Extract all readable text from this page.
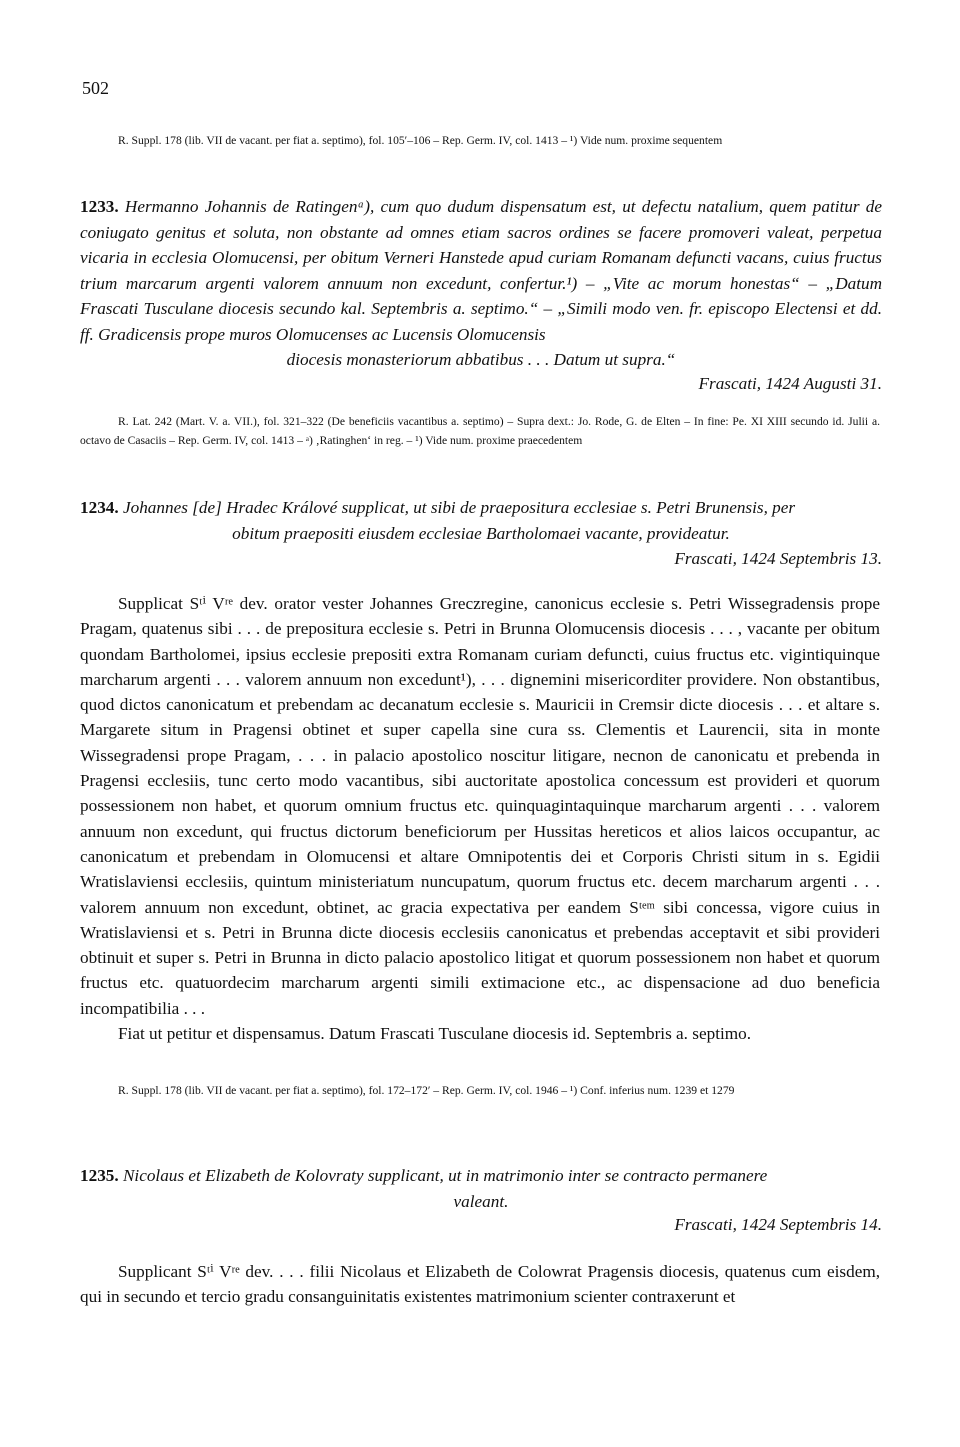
502
R. Suppl. 178 (lib. VII de vacant. per fiat a. septimo), fol. 105′–106 – Rep. Germ. IV, col. 1413 – ¹) Vide num. proxime sequentem
1233. Hermanno Johannis de Ratingenᵃ), cum quo dudum dispensatum est, ut defectu natalium, quem patitur de coniugato genitus et soluta, non obstante ad omnes etiam sacros ordines se facere promoveri valeat, perpetua vicaria in ecclesia Olomucensi, per obitum Verneri Hanstede apud curiam Romanam defuncti vacans, cuius fructus trium marcarum argenti valorem annuum non excedunt, confertur.¹) – „Vite ac morum honestas“ – „Datum Frascati Tusculane diocesis secundo kal. Septembris a. septimo.“ – „Simili modo ven. fr. episcopo Electensi et dd. ff. Gradicensis prope muros Olomucenses ac Lucensis Olomucensis
diocesis monasteriorum abbatibus . . . Datum ut supra.“
Frascati, 1424 Augusti 31.
R. Lat. 242 (Mart. V. a. VII.), fol. 321–322 (De beneficiis vacantibus a. septimo) – Supra dext.: Jo. Rode, G. de Elten – In fine: Pe. XI XIII secundo id. Julii a. octavo de Casaciis – Rep. Germ. IV, col. 1413 – ᵃ) ‚Ratinghen‘ in reg. – ¹) Vide num. proxime praecedentem
1234. Johannes [de] Hradec Králové supplicat, ut sibi de praepositura ecclesiae s. Petri Brunensis, per
obitum praepositi eiusdem ecclesiae Bartholomaei vacante, provideatur.
Frascati, 1424 Septembris 13.

Supplicat Sᵗⁱ Vʳᵉ dev. orator vester Johannes Greczregine, canonicus ecclesie s. Petri Wissegradensis prope Pragam, quatenus sibi . . . de prepositura ecclesie s. Petri in Brunna Olomucensis diocesis . . . , vacante per obitum quondam Bartholomei, ipsius ecclesie prepositi extra Romanam curiam defuncti, cuius fructus etc. vigintiquinque marcharum argenti . . . valorem annuum non excedunt¹), . . . dignemini misericorditer providere. Non obstantibus, quod dictos canonicatum et prebendam ac decanatum ecclesie s. Mauricii in Cremsir dicte diocesis . . . et altare s. Margarete situm in Pragensi obtinet et super capella sine cura ss. Clementis et Laurencii, sita in monte Wissegradensi prope Pragam, . . . in palacio apostolico noscitur litigare, necnon de canonicatu et prebenda in Pragensi ecclesiis, tunc certo modo vacantibus, sibi auctoritate apostolica concessum est provideri et quorum possessionem non habet, et quorum omnium fructus etc. quinquagintaquinque marcharum argenti . . . valorem annuum non excedunt, qui fructus dictorum beneficiorum per Hussitas hereticos et alios laicos occupantur, ac canonicatum et prebendam in Olomucensi et altare Omnipotentis dei et Corporis Christi situm in s. Egidii Wratislaviensi ecclesiis, quintum ministeriatum nuncupatum, quorum fructus etc. decem marcharum argenti . . . valorem annuum non excedunt, obtinet, ac gracia expectativa per eandem Sᵗᵉᵐ sibi concessa, vigore cuius in Wratislaviensi et s. Petri in Brunna dicte diocesis ecclesiis canonicatus et prebendas acceptavit et sibi provideri obtinuit et super s. Petri in Brunna in dicto palacio apostolico litigat et quorum possessionem non habet et quorum fructus etc. quatuordecim marcharum argenti simili extimacione etc., ac dispensacione ad duo beneficia incompatibilia . . .

Fiat ut petitur et dispensamus. Datum Frascati Tusculane diocesis id. Septembris a. septimo.

R. Suppl. 178 (lib. VII de vacant. per fiat a. septimo), fol. 172–172′ – Rep. Germ. IV, col. 1946 – ¹) Conf. inferius num. 1239 et 1279
1235. Nicolaus et Elizabeth de Kolovraty supplicant, ut in matrimonio inter se contracto permanere
valeant.
Frascati, 1424 Septembris 14.

Supplicant Sᵗⁱ Vʳᵉ dev. . . . filii Nicolaus et Elizabeth de Colowrat Pragensis diocesis, quatenus cum eisdem, qui in secundo et tercio gradu consanguinitatis existentes matrimonium scienter contraxerunt et
